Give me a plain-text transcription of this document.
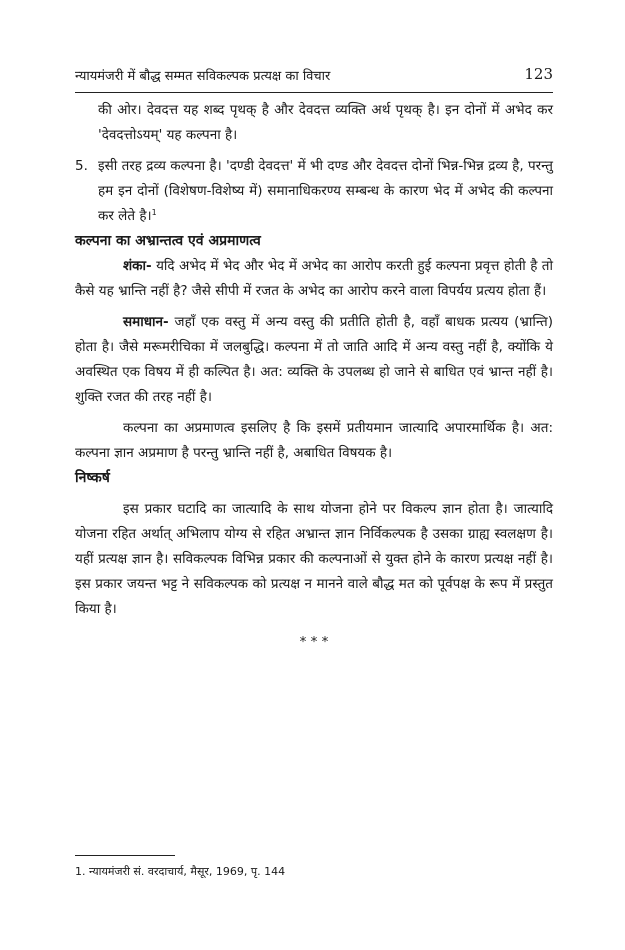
न्यायमंजरी में बौद्ध सम्मत सविकल्पक प्रत्यक्ष का विचार	123

की ओर। देवदत्त यह शब्द पृथक् है और देवदत्त व्यक्ति अर्थ पृथक् है। इन दोनों में अभेद कर 'देवदत्तोऽयम्' यह कल्पना है।

5. इसी तरह द्रव्य कल्पना है। 'दण्डी देवदत्त' में भी दण्ड और देवदत्त दोनों भिन्न-भिन्न द्रव्य है, परन्तु हम इन दोनों (विशेषण-विशेष्य में) समानाधिकरण्य सम्बन्ध के कारण भेद में अभेद की कल्पना कर लेते है।$^1$
कल्पना का अभ्रान्तत्व एवं अप्रमाणत्व

शंका- यदि अभेद में भेद और भेद में अभेद का आरोप करती हुई कल्पना प्रवृत्त होती है तो कैसे यह भ्रान्ति नहीं है? जैसे सीपी में रजत के अभेद का आरोप करने वाला विपर्यय प्रत्यय होता हैं।

समाधान- जहाँ एक वस्तु में अन्य वस्तु की प्रतीति होती है, वहाँ बाधक प्रत्यय (भ्रान्ति) होता है। जैसे मरूमरीचिका में जलबुद्धि। कल्पना में तो जाति आदि में अन्य वस्तु नहीं है, क्योंकि ये अवस्थित एक विषय में ही कल्पित है। अत: व्यक्ति के उपलब्ध हो जाने से बाधित एवं भ्रान्त नहीं है। शुक्ति रजत की तरह नहीं है।

कल्पना का अप्रमाणत्व इसलिए है कि इसमें प्रतीयमान जात्यादि अपारमार्थिक है। अत: कल्पना ज्ञान अप्रमाण है परन्तु भ्रान्ति नहीं है, अबाधित विषयक है।

निष्कर्ष

इस प्रकार घटादि का जात्यादि के साथ योजना होने पर विकल्प ज्ञान होता है। जात्यादि योजना रहित अर्थात् अभिलाप योग्य से रहित अभ्रान्त ज्ञान निर्विकल्पक है उसका ग्राह्य स्वलक्षण है। यहीं प्रत्यक्ष ज्ञान है। सविकल्पक विभिन्न प्रकार की कल्पनाओं से युक्त होने के कारण प्रत्यक्ष नहीं है। इस प्रकार जयन्त भट्ट ने सविकल्पक को प्रत्यक्ष न मानने वाले बौद्ध मत को पूर्वपक्ष के रूप में प्रस्तुत किया है।

* * *
1. न्यायमंजरी सं. वरदाचार्य, मैसूर, 1969, पृ. 144
